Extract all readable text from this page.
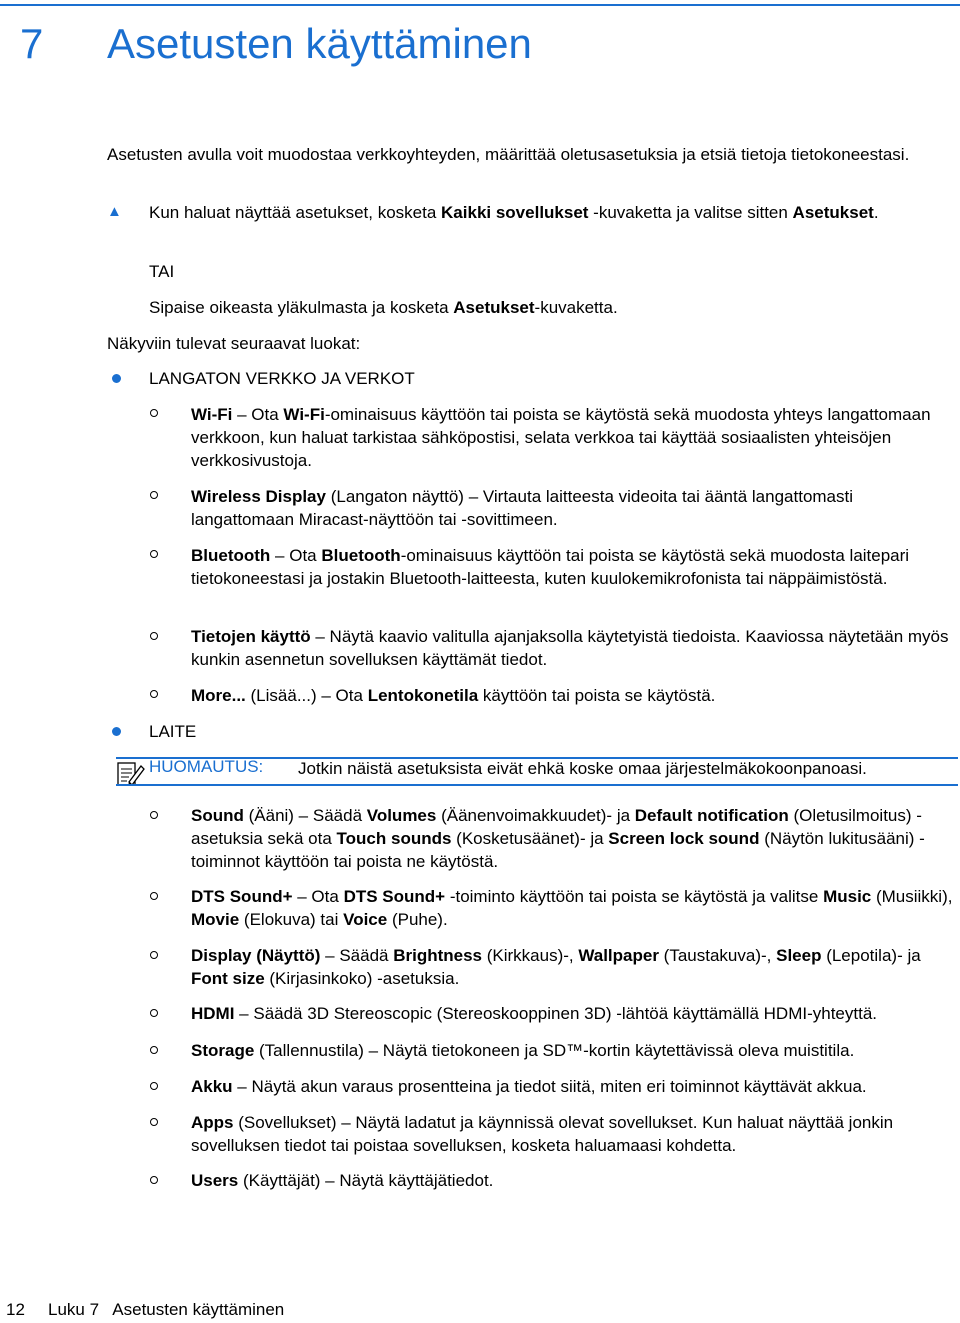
7 Asetusten käyttäminen
Asetusten avulla voit muodostaa verkkoyhteyden, määrittää oletusasetuksia ja etsiä tietoja tietokoneestasi.
▲ Kun haluat näyttää asetukset, kosketa Kaikki sovellukset -kuvaketta ja valitse sitten Asetukset.
TAI
Sipaise oikeasta yläkulmasta ja kosketa Asetukset-kuvaketta.
Näkyviin tulevat seuraavat luokat:
LANGATON VERKKO JA VERKOT
Wi-Fi – Ota Wi-Fi-ominaisuus käyttöön tai poista se käytöstä sekä muodosta yhteys langattomaan verkkoon, kun haluat tarkistaa sähköpostisi, selata verkkoa tai käyttää sosiaalisten yhteisöjen verkkosivustoja.
Wireless Display (Langaton näyttö) – Virtauta laitteesta videoita tai ääntä langattomasti langattomaan Miracast-näyttöön tai -sovittimeen.
Bluetooth – Ota Bluetooth-ominaisuus käyttöön tai poista se käytöstä sekä muodosta laitepari tietokoneestasi ja jostakin Bluetooth-laitteesta, kuten kuulokemikrofonista tai näppäimistöstä.
Tietojen käyttö – Näytä kaavio valitulla ajanjaksolla käytetyistä tiedoista. Kaaviossa näytetään myös kunkin asennetun sovelluksen käyttämät tiedot.
More... (Lisää...) – Ota Lentokonetila käyttöön tai poista se käytöstä.
LAITE
HUOMAUTUS: Jotkin näistä asetuksista eivät ehkä koske omaa järjestelmäkokoonpanoasi.
Sound (Ääni) – Säädä Volumes (Äänenvoimakkuudet)- ja Default notification (Oletusilmoitus) -asetuksia sekä ota Touch sounds (Kosketusäänet)- ja Screen lock sound (Näytön lukitusääni) -toiminnot käyttöön tai poista ne käytöstä.
DTS Sound+ – Ota DTS Sound+ -toiminto käyttöön tai poista se käytöstä ja valitse Music (Musiikki), Movie (Elokuva) tai Voice (Puhe).
Display (Näyttö) – Säädä Brightness (Kirkkaus)-, Wallpaper (Taustakuva)-, Sleep (Lepotila)- ja Font size (Kirjasinkoko) -asetuksia.
HDMI – Säädä 3D Stereoscopic (Stereoskooppinen 3D) -lähtöä käyttämällä HDMI-yhteyttä.
Storage (Tallennustila) – Näytä tietokoneen ja SD™-kortin käytettävissä oleva muistitila.
Akku – Näytä akun varaus prosentteina ja tiedot siitä, miten eri toiminnot käyttävät akkua.
Apps (Sovellukset) – Näytä ladatut ja käynnissä olevat sovellukset. Kun haluat näyttää jonkin sovelluksen tiedot tai poistaa sovelluksen, kosketa haluamaasi kohdetta.
Users (Käyttäjät) – Näytä käyttäjätiedot.
12 Luku 7   Asetusten käyttäminen
